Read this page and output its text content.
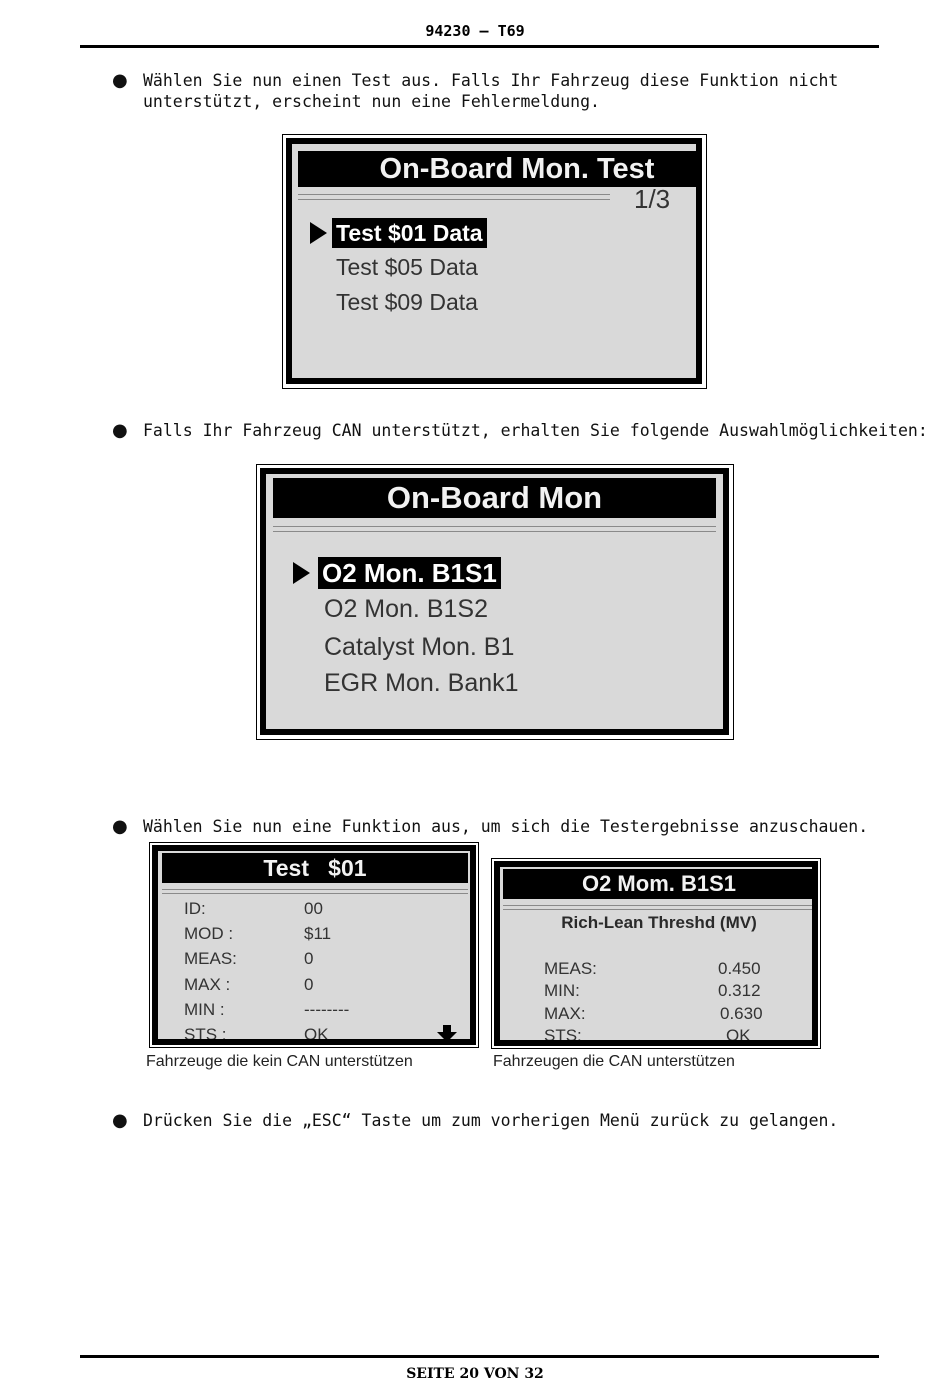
94230 – T69
● Wählen Sie nun einen Test aus. Falls Ihr Fahrzeug diese Funktion nicht
unterstützt, erscheint nun eine Fehlermeldung.
On-Board Mon. Test
1/3
Test $01 Data
Test $05 Data
Test $09 Data
● Falls Ihr Fahrzeug CAN unterstützt, erhalten Sie folgende Auswahlmöglichkeiten:
On-Board Mon
O2 Mon. B1S1
O2 Mon. B1S2
Catalyst Mon. B1
EGR Mon. Bank1
● Wählen Sie nun eine Funktion aus, um sich die Testergebnisse anzuschauen.
Test   $01
ID:	00
MOD :	$11
MEAS:	0
MAX :	0
MIN :	--------
STS :	OK
Fahrzeuge die kein CAN unterstützen
O2 Mom. B1S1
Rich-Lean Threshd (MV)
MEAS:	0.450
MIN:	0.312
MAX:	0.630
STS:	OK
Fahrzeugen die CAN unterstützen
● Drücken Sie die „ESC“ Taste um zum vorherigen Menü zurück zu gelangen.
SEITE 20 VON 32
